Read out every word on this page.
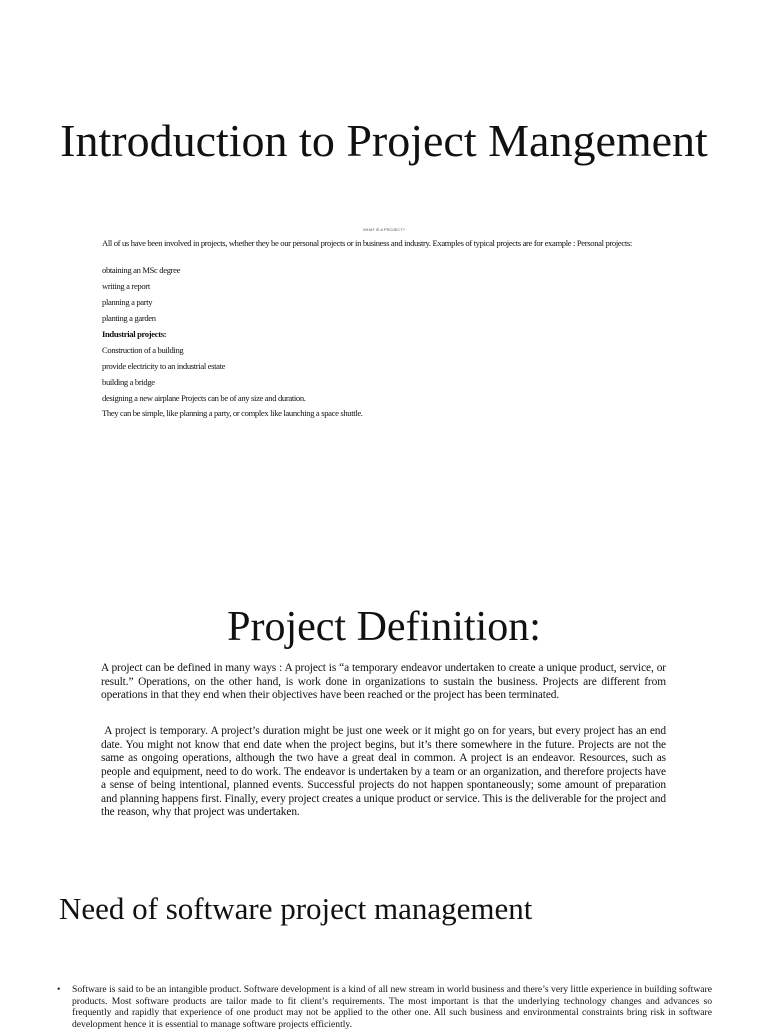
Introduction to Project Mangement

WHAT IS A PROJECT?

All of us have been involved in projects, whether they be our personal projects or in business and industry. Examples of typical projects are for example : Personal projects:

obtaining an MSc degree
writing a report
planning a party
planting a garden
Industrial projects:
Construction of a building
provide electricity to an industrial estate
building a bridge
designing a new airplane Projects can be of any size and duration.

They can be simple, like planning a party, or complex like launching a space shuttle.

Project Definition:

A project can be defined in many ways : A project is “a temporary endeavor undertaken to create a unique product, service, or result.” Operations, on the other hand, is work done in organizations to sustain the business. Projects are different from operations in that they end when their objectives have been reached or the project has been terminated.

A project is temporary. A project’s duration might be just one week or it might go on for years, but every project has an end date. You might not know that end date when the project begins, but it’s there somewhere in the future. Projects are not the same as ongoing operations, although the two have a great deal in common. A project is an endeavor. Resources, such as people and equipment, need to do work. The endeavor is undertaken by a team or an organization, and therefore projects have a sense of being intentional, planned events. Successful projects do not happen spontaneously; some amount of preparation and planning happens first. Finally, every project creates a unique product or service. This is the deliverable for the project and the reason, why that project was undertaken.

Need of software project management
• Software is said to be an intangible product. Software development is a kind of all new stream in world business and there’s very little experience in building software products. Most software products are tailor made to fit client’s requirements. The most important is that the underlying technology changes and advances so frequently and rapidly that experience of one product may not be applied to the other one. All such business and environmental constraints bring risk in software development hence it is essential to manage software projects efficiently.
